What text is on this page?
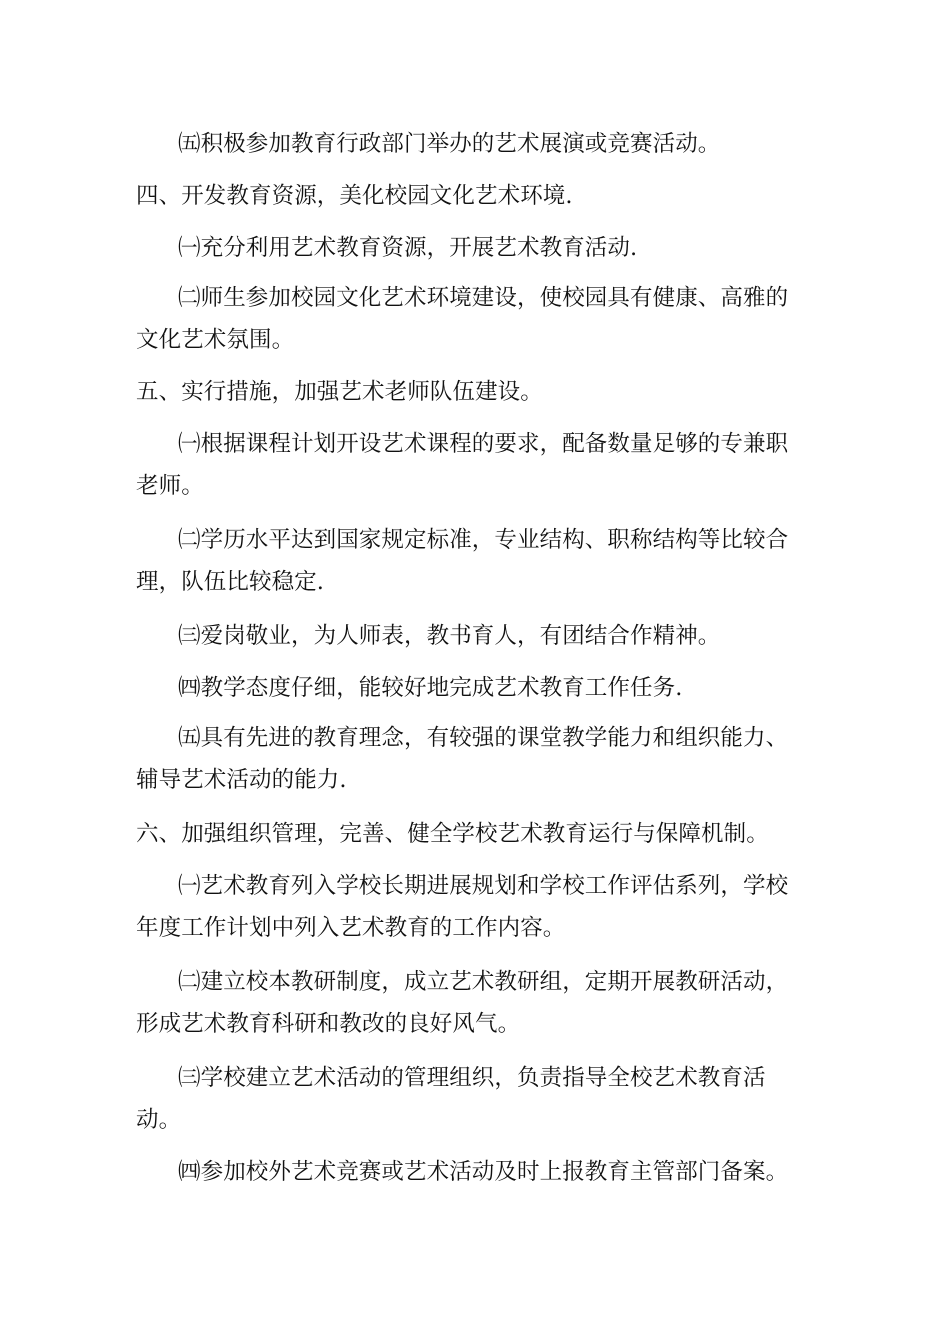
㈤积极参加教育行政部门举办的艺术展演或竞赛活动。
四、开发教育资源，美化校园文化艺术环境.
㈠充分利用艺术教育资源，开展艺术教育活动.
㈡师生参加校园文化艺术环境建设，使校园具有健康、高雅的
文化艺术氛围。
五、实行措施，加强艺术老师队伍建设。
㈠根据课程计划开设艺术课程的要求，配备数量足够的专兼职
老师。
㈡学历水平达到国家规定标准，专业结构、职称结构等比较合
理，队伍比较稳定.
㈢爱岗敬业，为人师表，教书育人，有团结合作精神。
㈣教学态度仔细，能较好地完成艺术教育工作任务.
㈤具有先进的教育理念，有较强的课堂教学能力和组织能力、
辅导艺术活动的能力.
六、加强组织管理，完善、健全学校艺术教育运行与保障机制。
㈠艺术教育列入学校长期进展规划和学校工作评估系列，学校
年度工作计划中列入艺术教育的工作内容。
㈡建立校本教研制度，成立艺术教研组，定期开展教研活动，
形成艺术教育科研和教改的良好风气。
㈢学校建立艺术活动的管理组织，负责指导全校艺术教育活
动。
㈣参加校外艺术竞赛或艺术活动及时上报教育主管部门备案。
